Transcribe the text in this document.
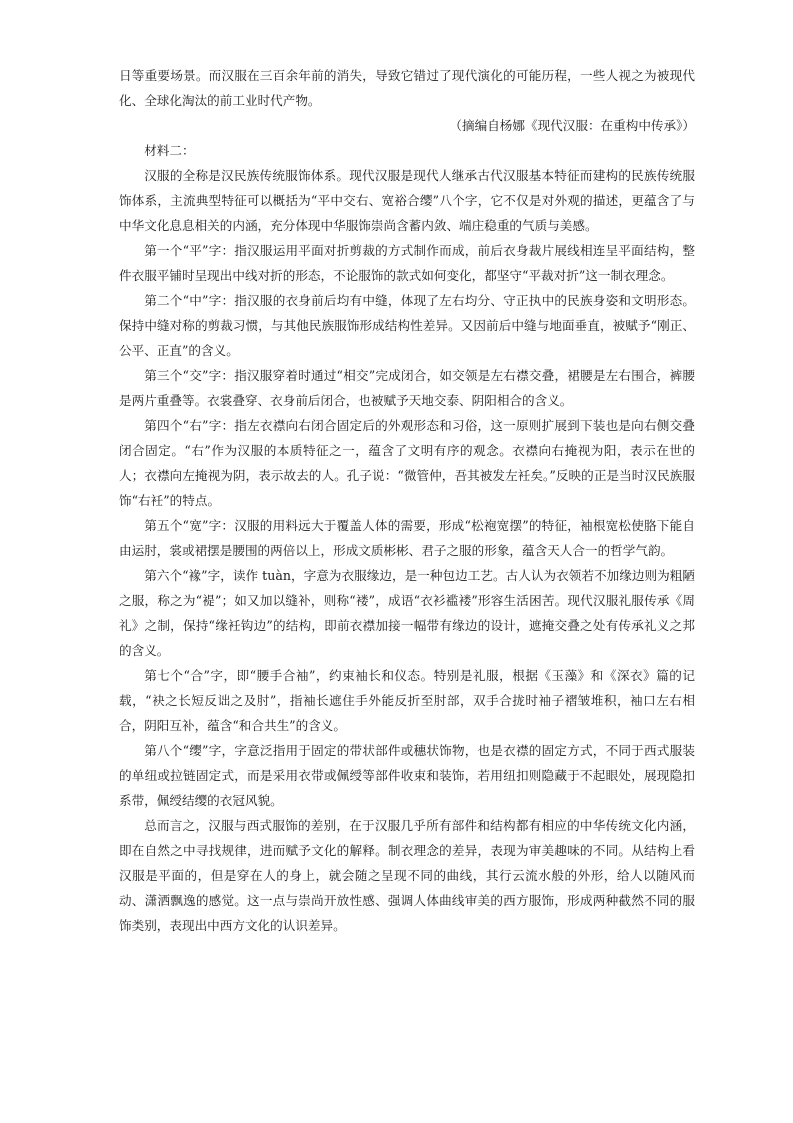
日等重要场景。而汉服在三百余年前的消失，导致它错过了现代演化的可能历程，一些人视之为被现代化、全球化淘汰的前工业时代产物。

（摘编自杨娜《现代汉服：在重构中传承》）

材料二：

汉服的全称是汉民族传统服饰体系。现代汉服是现代人继承古代汉服基本特征而建构的民族传统服饰体系，主流典型特征可以概括为“平中交右、宽裕合缨”八个字，它不仅是对外观的描述，更蕴含了与中华文化息息相关的内涵，充分体现中华服饰崇尚含蓄内敛、端庄稳重的气质与美感。

第一个“平”字：指汉服运用平面对折剪裁的方式制作而成，前后衣身裁片展线相连呈平面结构，整件衣服平铺时呈现出中线对折的形态，不论服饰的款式如何变化，都坚守“平裁对折”这一制衣理念。

第二个“中”字：指汉服的衣身前后均有中缝，体现了左右均分、守正执中的民族身姿和文明形态。保持中缝对称的剪裁习惯，与其他民族服饰形成结构性差异。又因前后中缝与地面垂直，被赋予“刚正、公平、正直”的含义。

第三个“交”字：指汉服穿着时通过“相交”完成闭合，如交领是左右襟交叠，裙腰是左右围合，裤腰是两片重叠等。衣裳叠穿、衣身前后闭合，也被赋予天地交泰、阴阳相合的含义。

第四个“右”字：指左衣襟向右闭合固定后的外观形态和习俗，这一原则扩展到下装也是向右侧交叠闭合固定。“右”作为汉服的本质特征之一，蕴含了文明有序的观念。衣襟向右掩视为阳，表示在世的人；衣襟向左掩视为阴，表示故去的人。孔子说：“微管仲，吾其被发左衽矣。”反映的正是当时汉民族服饰“右衽”的特点。

第五个“宽”字：汉服的用料远大于覆盖人体的需要，形成“松袍宽摆”的特征，袖根宽松使胳下能自由运肘，裳或裙摆是腰围的两倍以上，形成文质彬彬、君子之服的形象，蕴含天人合一的哲学气韵。

第六个“褖”字，读作 tuàn，字意为衣服缘边，是一种包边工艺。古人认为衣领若不加缘边则为粗陋之服，称之为“褆”；如又加以缝补，则称“褛”，成语“衣衫褴褛”形容生活困苦。现代汉服礼服传承《周礼》之制，保持“缘衽钩边”的结构，即前衣襟加接一幅带有缘边的设计，遮掩交叠之处有传承礼义之邦的含义。

第七个“合”字，即“腰手合袖”，约束袖长和仪态。特别是礼服，根据《玉藻》和《深衣》篇的记载，“袂之长短反诎之及肘”，指袖长遮住手外能反折至肘部，双手合拢时袖子褶皱堆积，袖口左右相合，阴阳互补，蕴含“和合共生”的含义。

第八个“缨”字，字意泛指用于固定的带状部件或穗状饰物，也是衣襟的固定方式，不同于西式服装的单纽或拉链固定式，而是采用衣带或佩绶等部件收束和装饰，若用纽扣则隐藏于不起眼处，展现隐扣系带，佩绶结缨的衣冠风貌。

总而言之，汉服与西式服饰的差别，在于汉服几乎所有部件和结构都有相应的中华传统文化内涵，即在自然之中寻找规律，进而赋予文化的解释。制衣理念的差异，表现为审美趣味的不同。从结构上看汉服是平面的，但是穿在人的身上，就会随之呈现不同的曲线，其行云流水般的外形，给人以随风而动、潇洒飘逸的感觉。这一点与崇尚开放性感、强调人体曲线审美的西方服饰，形成两种截然不同的服饰类别，表现出中西方文化的认识差异。
